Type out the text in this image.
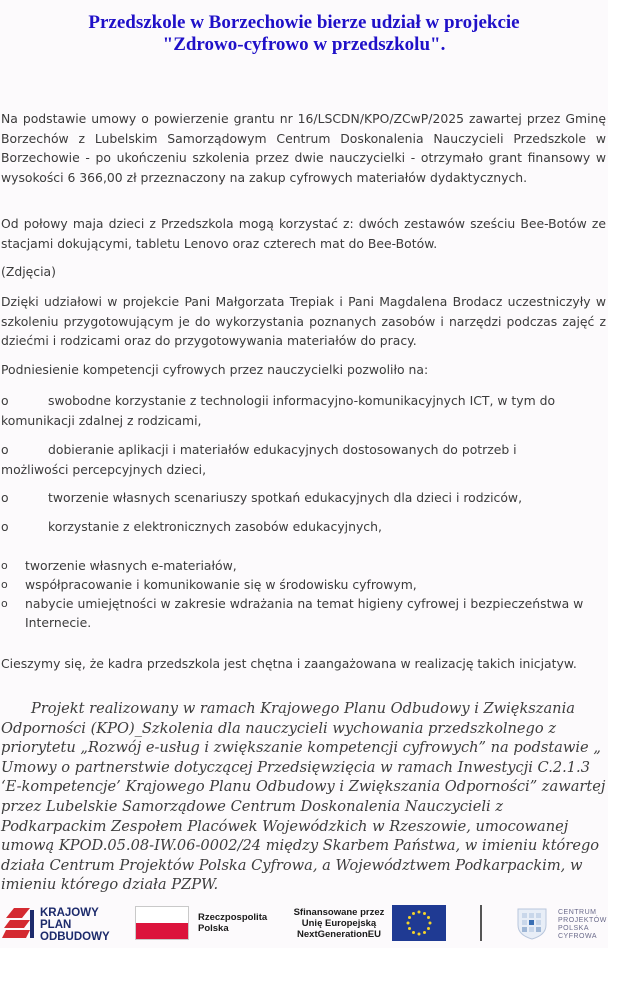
Przedszkole w Borzechowie bierze udział w projekcie
"Zdrowo-cyfrowo w przedszkolu".

Na podstawie umowy o powierzenie grantu nr 16/LSCDN/KPO/ZCwP/2025 zawartej przez Gminę Borzechów z Lubelskim Samorządowym Centrum Doskonalenia Nauczycieli Przedszkole w Borzechowie - po ukończeniu szkolenia przez dwie nauczycielki - otrzymało grant finansowy w wysokości 6 366,00 zł przeznaczony na zakup cyfrowych materiałów dydaktycznych.

Od połowy maja dzieci z Przedszkola mogą korzystać z: dwóch zestawów sześciu Bee-Botów ze stacjami dokującymi, tabletu Lenovo oraz czterech mat do Bee-Botów.

(Zdjęcia)

Dzięki udziałowi w projekcie Pani Małgorzata Trepiak i Pani Magdalena Brodacz uczestniczyły w szkoleniu przygotowującym je do wykorzystania poznanych zasobów i narzędzi podczas zajęć z dziećmi i rodzicami oraz do przygotowywania materiałów do pracy.

Podniesienie kompetencji cyfrowych przez nauczycielki pozwoliło na:

o	swobodne korzystanie z technologii informacyjno-komunikacyjnych ICT, w tym do
komunikacji zdalnej z rodzicami,
o	dobieranie aplikacji i materiałów edukacyjnych dostosowanych do potrzeb i
możliwości percepcyjnych dzieci,
o	tworzenie własnych scenariuszy spotkań edukacyjnych dla dzieci i rodziców,
o	korzystanie z elektronicznych zasobów edukacyjnych,
o tworzenie własnych e-materiałów,
o współpracowanie i komunikowanie się w środowisku cyfrowym,
o nabycie umiejętności w zakresie wdrażania na temat higieny cyfrowej i bezpieczeństwa w Internecie.

Cieszymy się, że kadra przedszkola jest chętna i zaangażowana w realizację takich inicjatyw.

Projekt realizowany w ramach Krajowego Planu Odbudowy i Zwiększania Odporności (KPO)_Szkolenia dla nauczycieli wychowania przedszkolnego z priorytetu „Rozwój e-usług i zwiększanie kompetencji cyfrowych” na podstawie „ Umowy o partnerstwie dotyczącej Przedsięwzięcia w ramach Inwestycji C.2.1.3 ‘E-kompetencje’ Krajowego Planu Odbudowy i Zwiększania Odporności” zawartej przez Lubelskie Samorządowe Centrum Doskonalenia Nauczycieli z Podkarpackim Zespołem Placówek Wojewódzkich w Rzeszowie, umocowanej umową KPOD.05.08-IW.06-0002/24 między Skarbem Państwa, w imieniu którego działa Centrum Projektów Polska Cyfrowa, a Województwem Podkarpackim, w imieniu którego działa PZPW.

KRAJOWY
PLAN
ODBUDOWY
Rzeczpospolita
Polska
Sfinansowane przez
Unię Europejską
NextGenerationEU
CENTRUM
PROJEKTÓW
POLSKA
CYFROWA
